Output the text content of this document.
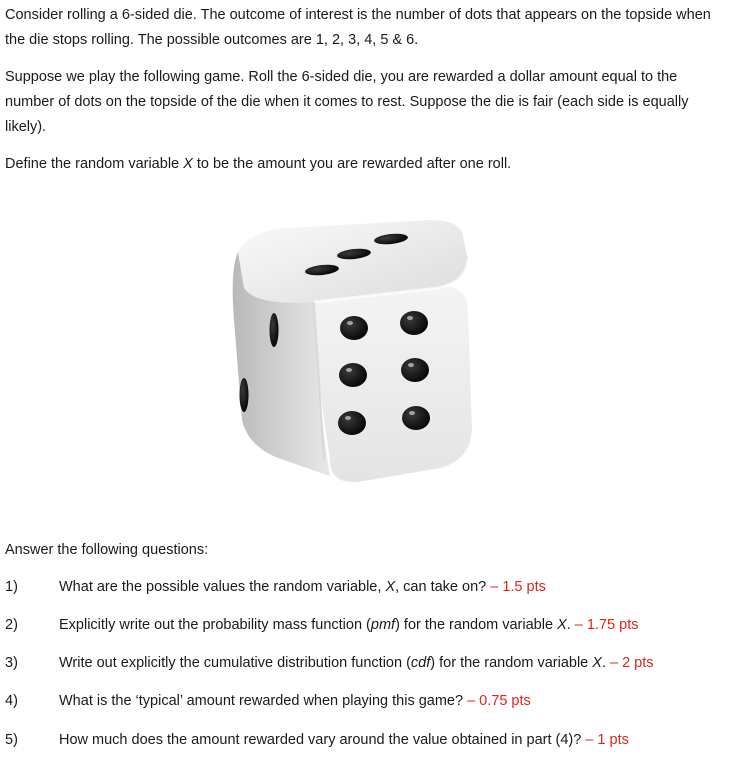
Consider rolling a 6-sided die. The outcome of interest is the number of dots that appears on the topside when the die stops rolling. The possible outcomes are 1, 2, 3, 4, 5 & 6.

Suppose we play the following game. Roll the 6-sided die, you are rewarded a dollar amount equal to the number of dots on the topside of the die when it comes to rest. Suppose the die is fair (each side is equally likely).

Define the random variable X to be the amount you are rewarded after one roll.

Answer the following questions:

1)	What are the possible values the random variable, X, can take on? – 1.5 pts
2)	Explicitly write out the probability mass function (pmf) for the random variable X. – 1.75 pts
3)	Write out explicitly the cumulative distribution function (cdf) for the random variable X. – 2 pts
4)	What is the ‘typical’ amount rewarded when playing this game? – 0.75 pts
5)	How much does the amount rewarded vary around the value obtained in part (4)? – 1 pts
